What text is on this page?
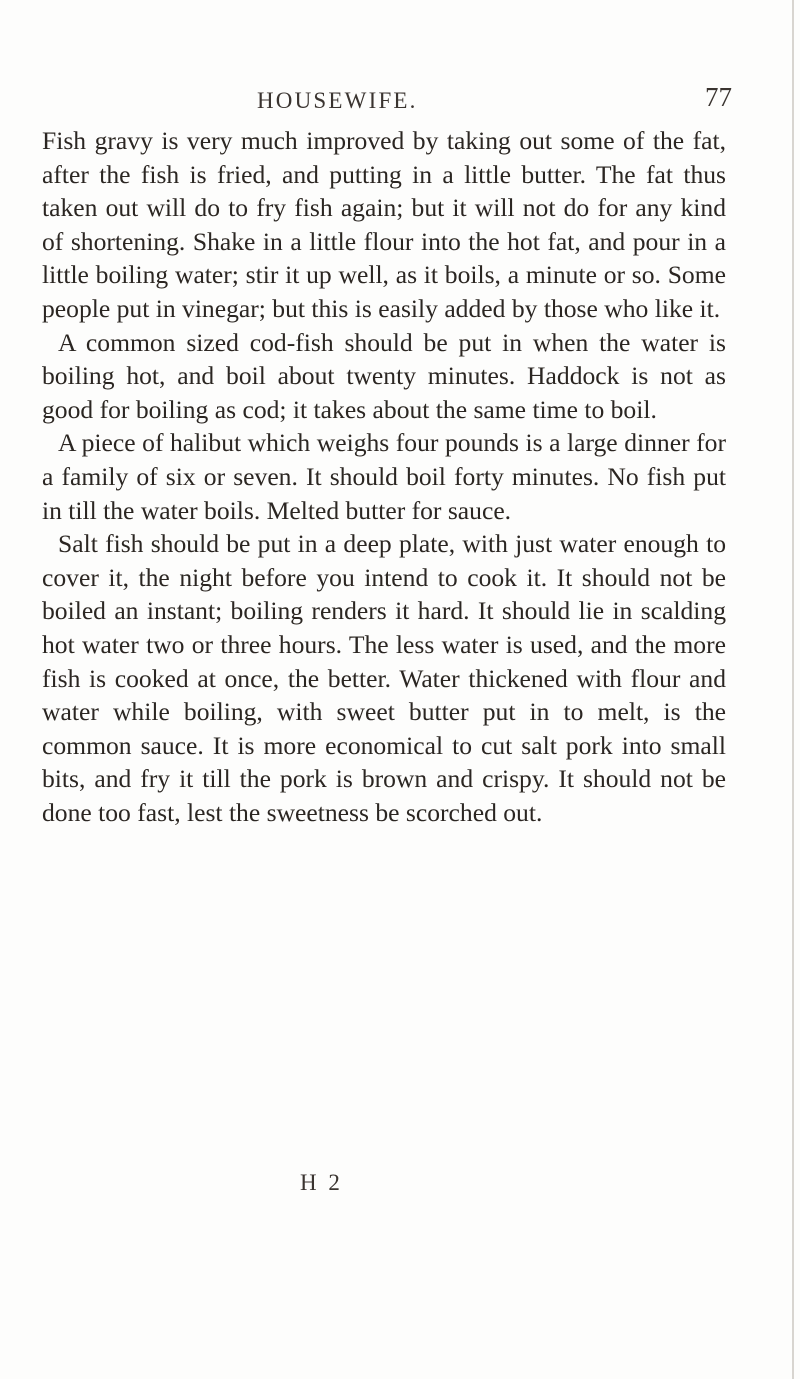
HOUSEWIFE.	77

Fish gravy is very much improved by taking out some of the fat, after the fish is fried, and putting in a little butter. The fat thus taken out will do to fry fish again; but it will not do for any kind of shortening. Shake in a little flour into the hot fat, and pour in a little boiling water; stir it up well, as it boils, a minute or so. Some people put in vinegar; but this is easily added by those who like it.

A common sized cod-fish should be put in when the water is boiling hot, and boil about twenty minutes. Haddock is not as good for boiling as cod; it takes about the same time to boil.

A piece of halibut which weighs four pounds is a large dinner for a family of six or seven. It should boil forty minutes. No fish put in till the water boils. Melted butter for sauce.

Salt fish should be put in a deep plate, with just water enough to cover it, the night before you intend to cook it. It should not be boiled an instant; boiling renders it hard. It should lie in scalding hot water two or three hours. The less water is used, and the more fish is cooked at once, the better. Water thickened with flour and water while boiling, with sweet butter put in to melt, is the common sauce. It is more economical to cut salt pork into small bits, and fry it till the pork is brown and crispy. It should not be done too fast, lest the sweetness be scorched out.

H 2
